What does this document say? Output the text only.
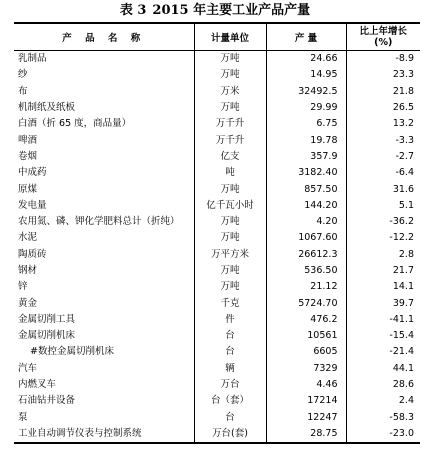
表 3 2015 年主要工业产品产量
产 品 名 称	计量单位	产 量	比上年增长
(%)
乳制品	万吨	24.66	-8.9
纱	万吨	14.95	23.3
布	万米	32492.5	21.8
机制纸及纸板	万吨	29.99	26.5
白酒（折 65 度，商品量）	万千升	6.75	13.2
啤酒	万千升	19.78	-3.3
卷烟	亿支	357.9	-2.7
中成药	吨	3182.40	-6.4
原煤	万吨	857.50	31.6
发电量	亿千瓦小时	144.20	5.1
农用氮、磷、钾化学肥料总计（折纯）	万吨	4.20	-36.2
水泥	万吨	1067.60	-12.2
陶质砖	万平方米	26612.3	2.8
钢材	万吨	536.50	21.7
锌	万吨	21.12	14.1
黄金	千克	5724.70	39.7
金属切削工具	件	476.2	-41.1
金属切削机床	台	10561	-15.4
#数控金属切削机床	台	6605	-21.4
汽车	辆	7329	44.1
内燃叉车	万台	4.46	28.6
石油钻井设备	台（套）	17214	2.4
泵	台	12247	-58.3
工业自动调节仪表与控制系统	万台(套)	28.75	-23.0
